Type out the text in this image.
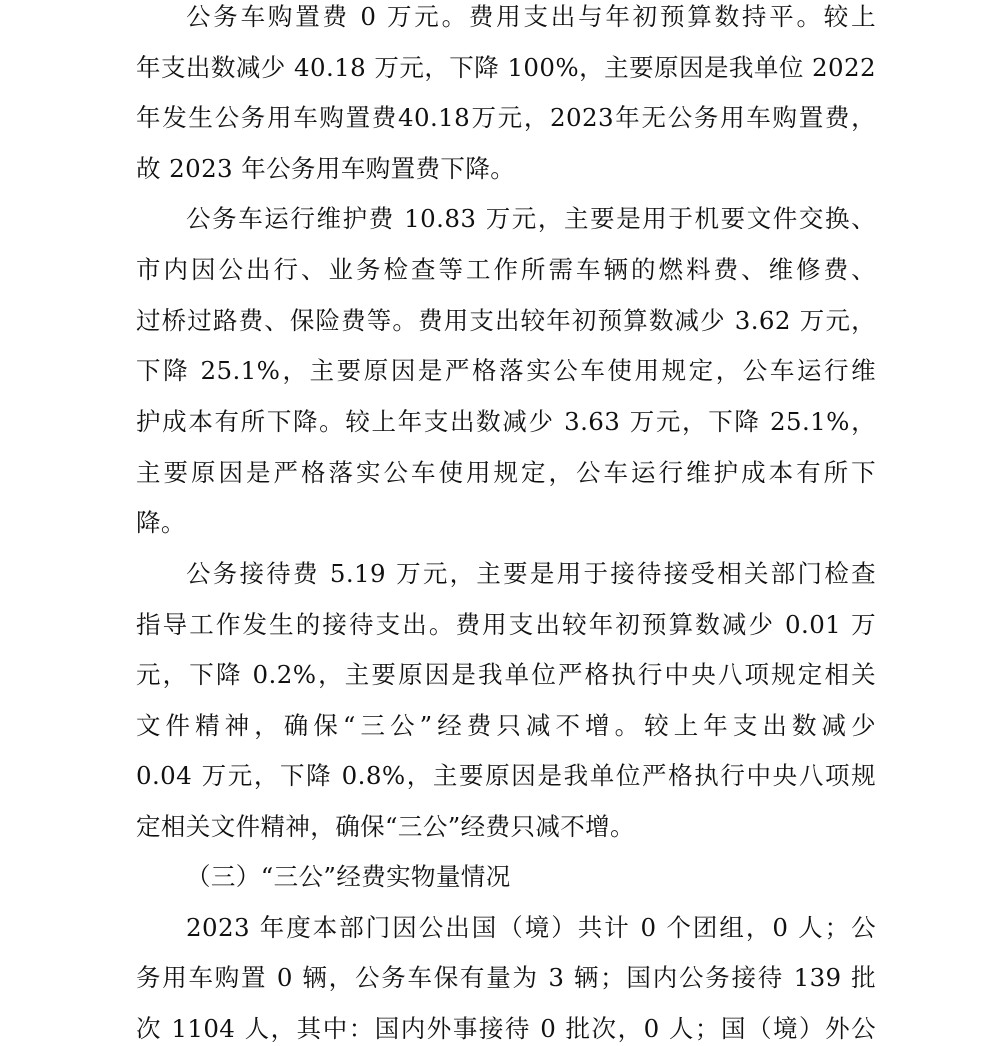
公务车购置费 0 万元。费用支出与年初预算数持平。较上
年支出数减少 40.18 万元，下降 100%，主要原因是我单位 2022
年发生公务用车购置费40.18万元，2023年无公务用车购置费，
故 2023 年公务用车购置费下降。
公务车运行维护费 10.83 万元，主要是用于机要文件交换、
市内因公出行、业务检查等工作所需车辆的燃料费、维修费、
过桥过路费、保险费等。费用支出较年初预算数减少 3.62 万元，
下降 25.1%，主要原因是严格落实公车使用规定，公车运行维
护成本有所下降。较上年支出数减少 3.63 万元，下降 25.1%，
主要原因是严格落实公车使用规定，公车运行维护成本有所下
降。
公务接待费 5.19 万元，主要是用于接待接受相关部门检查
指导工作发生的接待支出。费用支出较年初预算数减少 0.01 万
元，下降 0.2%，主要原因是我单位严格执行中央八项规定相关
文件精神，确保“三公”经费只减不增。较上年支出数减少
0.04 万元，下降 0.8%，主要原因是我单位严格执行中央八项规
定相关文件精神，确保“三公”经费只减不增。
（三）“三公”经费实物量情况
2023 年度本部门因公出国（境）共计 0 个团组，0 人；公
务用车购置 0 辆，公务车保有量为 3 辆；国内公务接待 139 批
次 1104 人，其中：国内外事接待 0 批次，0 人；国（境）外公
